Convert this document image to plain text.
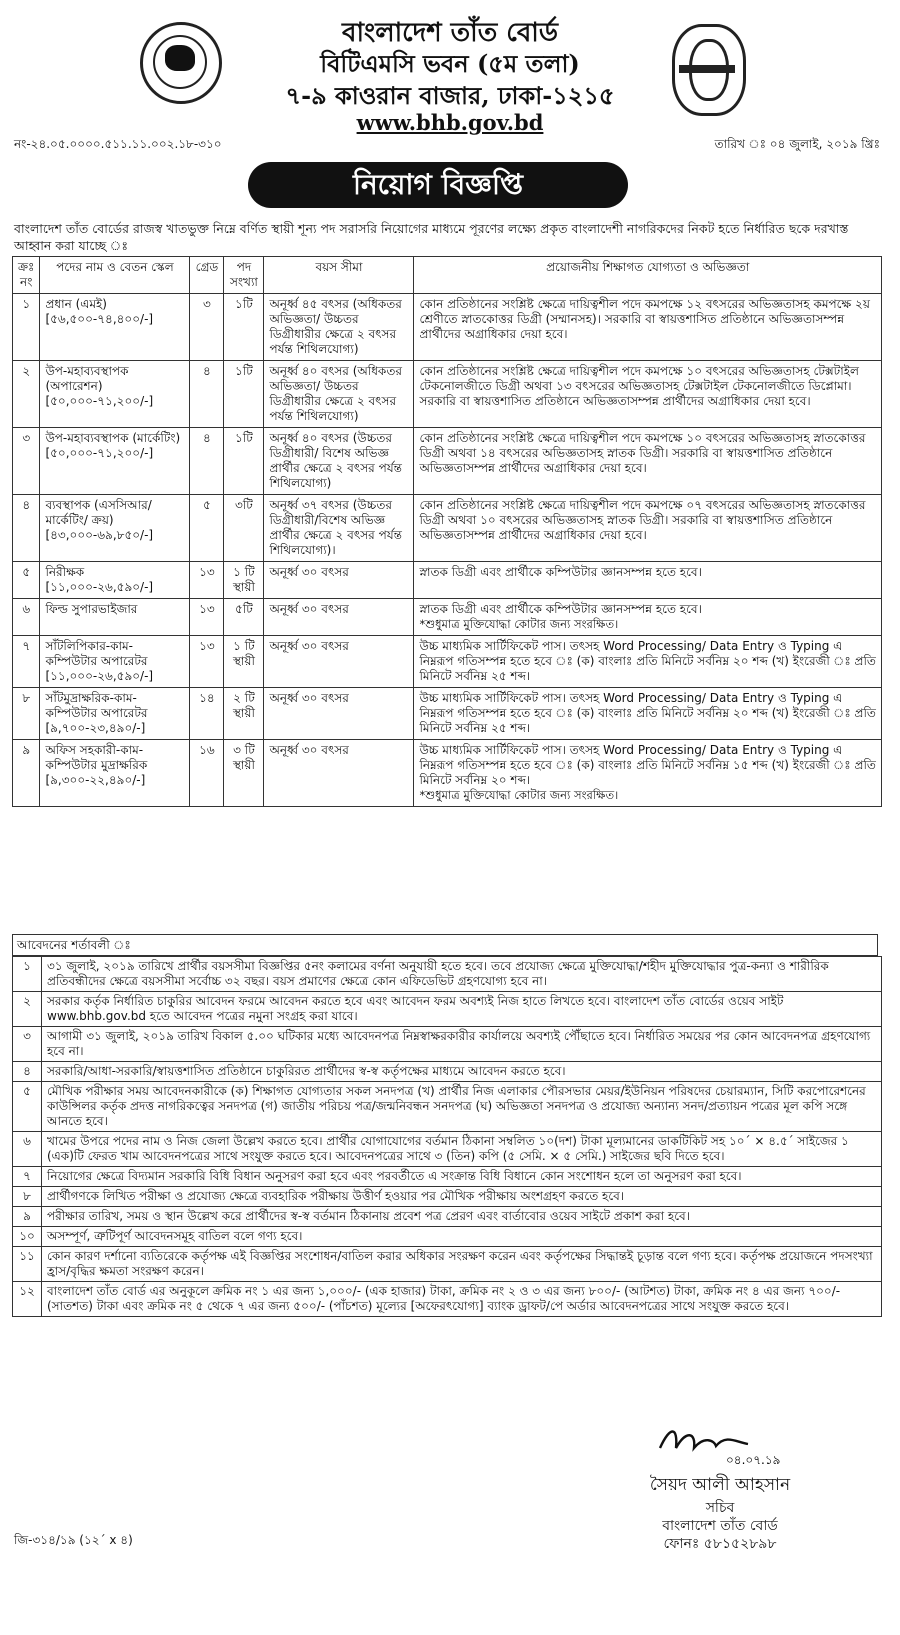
বাংলাদেশ তাঁত বোর্ড
বিটিএমসি ভবন (৫ম তলা)
৭-৯ কাওরান বাজার, ঢাকা-১২১৫
www.bhb.gov.bd
নং-২৪.০৫.০০০০.৫১১.১১.০০২.১৮-৩১০	তারিখ ঃ ০৪ জুলাই, ২০১৯ খ্রিঃ
নিয়োগ বিজ্ঞপ্তি
বাংলাদেশ তাঁত বোর্ডের রাজস্ব খাতভুক্ত নিম্নে বর্ণিত স্থায়ী শূন্য পদ সরাসরি নিয়োগের মাধ্যমে পূরণের লক্ষ্যে প্রকৃত বাংলাদেশী নাগরিকদের নিকট হতে নির্ধারিত ছকে দরখাস্ত আহ্বান করা যাচ্ছে ঃ
ক্রঃ নং	পদের নাম ও বেতন স্কেল	গ্রেড	পদ সংখ্যা	বয়স সীমা	প্রয়োজনীয় শিক্ষাগত যোগ্যতা ও অভিজ্ঞতা
১	প্রধান (এমই) [৫৬,৫০০-৭৪,৪০০/-]	৩	১টি	অনূর্ধ্ব ৪৫ বৎসর (অধিকতর অভিজ্ঞতা/ উচ্চতর ডিগ্রীধারীর ক্ষেত্রে ২ বৎসর পর্যন্ত শিথিলযোগ্য)	কোন প্রতিষ্ঠানের সংশ্লিষ্ট ক্ষেত্রে দায়িত্বশীল পদে কমপক্ষে ১২ বৎসরের অভিজ্ঞতাসহ কমপক্ষে ২য় শ্রেণীতে স্নাতকোত্তর ডিগ্রী (সম্মানসহ)। সরকারি বা স্বায়ত্তশাসিত প্রতিষ্ঠানে অভিজ্ঞতাসম্পন্ন প্রার্থীদের অগ্রাধিকার দেয়া হবে।
২	উপ-মহাব্যবস্থাপক (অপারেশন) [৫০,০০০-৭১,২০০/-]	৪	১টি	অনূর্ধ্ব ৪০ বৎসর (অধিকতর অভিজ্ঞতা/ উচ্চতর ডিগ্রীধারীর ক্ষেত্রে ২ বৎসর পর্যন্ত শিথিলযোগ্য)	কোন প্রতিষ্ঠানের সংশ্লিষ্ট ক্ষেত্রে দায়িত্বশীল পদে কমপক্ষে ১০ বৎসরের অভিজ্ঞতাসহ টেক্সটাইল টেকনোলজীতে ডিগ্রী অথবা ১৩ বৎসরের অভিজ্ঞতাসহ টেক্সটাইল টেকনোলজীতে ডিপ্লোমা। সরকারি বা স্বায়ত্তশাসিত প্রতিষ্ঠানে অভিজ্ঞতাসম্পন্ন প্রার্থীদের অগ্রাধিকার দেয়া হবে।
৩	উপ-মহাব্যবস্থাপক (মার্কেটিং) [৫০,০০০-৭১,২০০/-]	৪	১টি	অনূর্ধ্ব ৪০ বৎসর (উচ্চতর ডিগ্রীধারী/ বিশেষ অভিজ্ঞ প্রার্থীর ক্ষেত্রে ২ বৎসর পর্যন্ত শিথিলযোগ্য)	কোন প্রতিষ্ঠানের সংশ্লিষ্ট ক্ষেত্রে দায়িত্বশীল পদে কমপক্ষে ১০ বৎসরের অভিজ্ঞতাসহ স্নাতকোত্তর ডিগ্রী অথবা ১৪ বৎসরের অভিজ্ঞতাসহ স্নাতক ডিগ্রী। সরকারি বা স্বায়ত্তশাসিত প্রতিষ্ঠানে অভিজ্ঞতাসম্পন্ন প্রার্থীদের অগ্রাধিকার দেয়া হবে।
৪	ব্যবস্থাপক (এসসিআর/মার্কেটিং/ ক্রয়) [৪৩,০০০-৬৯,৮৫০/-]	৫	৩টি	অনূর্ধ্ব ৩৭ বৎসর (উচ্চতর ডিগ্রীধারী/বিশেষ অভিজ্ঞ প্রার্থীর ক্ষেত্রে ২ বৎসর পর্যন্ত শিথিলযোগ্য)।	কোন প্রতিষ্ঠানের সংশ্লিষ্ট ক্ষেত্রে দায়িত্বশীল পদে কমপক্ষে ০৭ বৎসরের অভিজ্ঞতাসহ স্নাতকোত্তর ডিগ্রী অথবা ১০ বৎসরের অভিজ্ঞতাসহ স্নাতক ডিগ্রী। সরকারি বা স্বায়ত্তশাসিত প্রতিষ্ঠানে অভিজ্ঞতাসম্পন্ন প্রার্থীদের অগ্রাধিকার দেয়া হবে।
৫	নিরীক্ষক [১১,০০০-২৬,৫৯০/-]	১৩	১ টি স্থায়ী	অনূর্ধ্ব ৩০ বৎসর	স্নাতক ডিগ্রী এবং প্রার্থীকে কম্পিউটার জ্ঞানসম্পন্ন হতে হবে।
৬	ফিল্ড সুপারভাইজার	১৩	৫টি	অনূর্ধ্ব ৩০ বৎসর	স্নাতক ডিগ্রী এবং প্রার্থীকে কম্পিউটার জ্ঞানসম্পন্ন হতে হবে।
*শুধুমাত্র মুক্তিযোদ্ধা কোটার জন্য সংরক্ষিত।

৭	সাঁটলিপিকার-কাম-কম্পিউটার অপারেটর [১১,০০০-২৬,৫৯০/-]	১৩	১ টি স্থায়ী	অনূর্ধ্ব ৩০ বৎসর	উচ্চ মাধ্যমিক সার্টিফিকেট পাস। তৎসহ Word Processing/ Data Entry ও Typing এ নিম্নরূপ গতিসম্পন্ন হতে হবে ঃ (ক) বাংলাঃ প্রতি মিনিটে সর্বনিম্ন ২০ শব্দ (খ) ইংরেজী ঃ প্রতি মিনিটে সর্বনিম্ন ২৫ শব্দ।
৮	সাঁটমুদ্রাক্ষরিক-কাম-কম্পিউটার অপারেটর [৯,৭০০-২৩,৪৯০/-]	১৪	২ টি স্থায়ী	অনূর্ধ্ব ৩০ বৎসর	উচ্চ মাধ্যমিক সার্টিফিকেট পাস। তৎসহ Word Processing/ Data Entry ও Typing এ নিম্নরূপ গতিসম্পন্ন হতে হবে ঃ (ক) বাংলাঃ প্রতি মিনিটে সর্বনিম্ন ২০ শব্দ (খ) ইংরেজী ঃ প্রতি মিনিটে সর্বনিম্ন ২৫ শব্দ।
৯	অফিস সহকারী-কাম-কম্পিউটার মুদ্রাক্ষরিক [৯,৩০০-২২,৪৯০/-]	১৬	৩ টি স্থায়ী	অনূর্ধ্ব ৩০ বৎসর	উচ্চ মাধ্যমিক সার্টিফিকেট পাস। তৎসহ Word Processing/ Data Entry ও Typing এ নিম্নরূপ গতিসম্পন্ন হতে হবে ঃ (ক) বাংলাঃ প্রতি মিনিটে সর্বনিম্ন ১৫ শব্দ (খ) ইংরেজী ঃ প্রতি মিনিটে সর্বনিম্ন ২০ শব্দ।
*শুধুমাত্র মুক্তিযোদ্ধা কোটার জন্য সংরক্ষিত।
আবেদনের শর্তাবলী ঃ
১	৩১ জুলাই, ২০১৯ তারিখে প্রার্থীর বয়সসীমা বিজ্ঞপ্তির ৫নং কলামের বর্ণনা অনুযায়ী হতে হবে। তবে প্রযোজ্য ক্ষেত্রে মুক্তিযোদ্ধা/শহীদ মুক্তিযোদ্ধার পুত্র-কন্যা ও শারীরিক প্রতিবন্ধীদের ক্ষেত্রে বয়সসীমা সর্বোচ্চ ৩২ বছর। বয়স প্রমাণের ক্ষেত্রে কোন এফিডেভিট গ্রহণযোগ্য হবে না।
২	সরকার কর্তৃক নির্ধারিত চাকুরির আবেদন ফরমে আবেদন করতে হবে এবং আবেদন ফরম অবশ্যই নিজ হাতে লিখতে হবে। বাংলাদেশ তাঁত বোর্ডের ওয়েব সাইট www.bhb.gov.bd হতে আবেদন পত্রের নমুনা সংগ্রহ করা যাবে।
৩	আগামী ৩১ জুলাই, ২০১৯ তারিখ বিকাল ৫.০০ ঘটিকার মধ্যে আবেদনপত্র নিম্নস্বাক্ষরকারীর কার্যালয়ে অবশ্যই পৌঁছাতে হবে। নির্ধারিত সময়ের পর কোন আবেদনপত্র গ্রহণযোগ্য হবে না।
৪	সরকারি/আধা-সরকারি/স্বায়ত্তশাসিত প্রতিষ্ঠানে চাকুরিরত প্রার্থীদের স্ব-স্ব কর্তৃপক্ষের মাধ্যমে আবেদন করতে হবে।
৫	মৌখিক পরীক্ষার সময় আবেদনকারীকে (ক) শিক্ষাগত যোগ্যতার সকল সনদপত্র (খ) প্রার্থীর নিজ এলাকার পৌরসভার মেয়র/ইউনিয়ন পরিষদের চেয়ারম্যান, সিটি করপোরেশনের কাউন্সিলর কর্তৃক প্রদত্ত নাগরিকত্বের সনদপত্র (গ) জাতীয় পরিচয় পত্র/জন্মনিবন্ধন সনদপত্র (ঘ) অভিজ্ঞতা সনদপত্র ও প্রযোজ্য অন্যান্য সনদ/প্রত্যায়ন পত্রের মূল কপি সঙ্গে আনতে হবে।
৬	খামের উপরে পদের নাম ও নিজ জেলা উল্লেখ করতে হবে। প্রার্থীর যোগাযোগের বর্তমান ঠিকানা সম্বলিত ১০(দশ) টাকা মূল্যমানের ডাকটিকিট সহ ১০´ × ৪.৫´ সাইজের ১ (এক)টি ফেরত খাম আবেদনপত্রের সাথে সংযুক্ত করতে হবে। আবেদনপত্রের সাথে ৩ (তিন) কপি (৫ সেমি. × ৫ সেমি.) সাইজের ছবি দিতে হবে।
৭	নিয়োগের ক্ষেত্রে বিদ্যমান সরকারি বিধি বিধান অনুসরণ করা হবে এবং পরবর্তীতে এ সংক্রান্ত বিধি বিধানে কোন সংশোধন হলে তা অনুসরণ করা হবে।
৮	প্রার্থীগণকে লিখিত পরীক্ষা ও প্রযোজ্য ক্ষেত্রে ব্যবহারিক পরীক্ষায় উত্তীর্ণ হওয়ার পর মৌখিক পরীক্ষায় অংশগ্রহণ করতে হবে।
৯	পরীক্ষার তারিখ, সময় ও স্থান উল্লেখ করে প্রার্থীদের স্ব-স্ব বর্তমান ঠিকানায় প্রবেশ পত্র প্রেরণ এবং বার্তাবোর ওয়েব সাইটে প্রকাশ করা হবে।
১০	অসম্পূর্ণ, ত্রুটিপূর্ণ আবেদনসমূহ বাতিল বলে গণ্য হবে।
১১	কোন কারণ দর্শানো ব্যতিরেকে কর্তৃপক্ষ এই বিজ্ঞপ্তির সংশোধন/বাতিল করার অধিকার সংরক্ষণ করেন এবং কর্তৃপক্ষের সিদ্ধান্তই চূড়ান্ত বলে গণ্য হবে। কর্তৃপক্ষ প্রয়োজনে পদসংখ্যা হ্রাস/বৃদ্ধির ক্ষমতা সংরক্ষণ করেন।
১২	বাংলাদেশ তাঁত বোর্ড এর অনুকূলে ক্রমিক নং ১ এর জন্য ১,০০০/- (এক হাজার) টাকা, ক্রমিক নং ২ ও ৩ এর জন্য ৮০০/- (আটশত) টাকা, ক্রমিক নং ৪ এর জন্য ৭০০/- (সাতশত) টাকা এবং ক্রমিক নং ৫ থেকে ৭ এর জন্য ৫০০/- (পাঁচশত) মূল্যের [অফেরৎযোগ্য] ব্যাংক ড্রাফট/পে অর্ডার আবেদনপত্রের সাথে সংযুক্ত করতে হবে।
০৪.০৭.১৯
সৈয়দ আলী আহসান
সচিব
বাংলাদেশ তাঁত বোর্ড
ফোনঃ ৫৮১৫২৮৯৮
জি-৩১৪/১৯ (১২´ x ৪)
